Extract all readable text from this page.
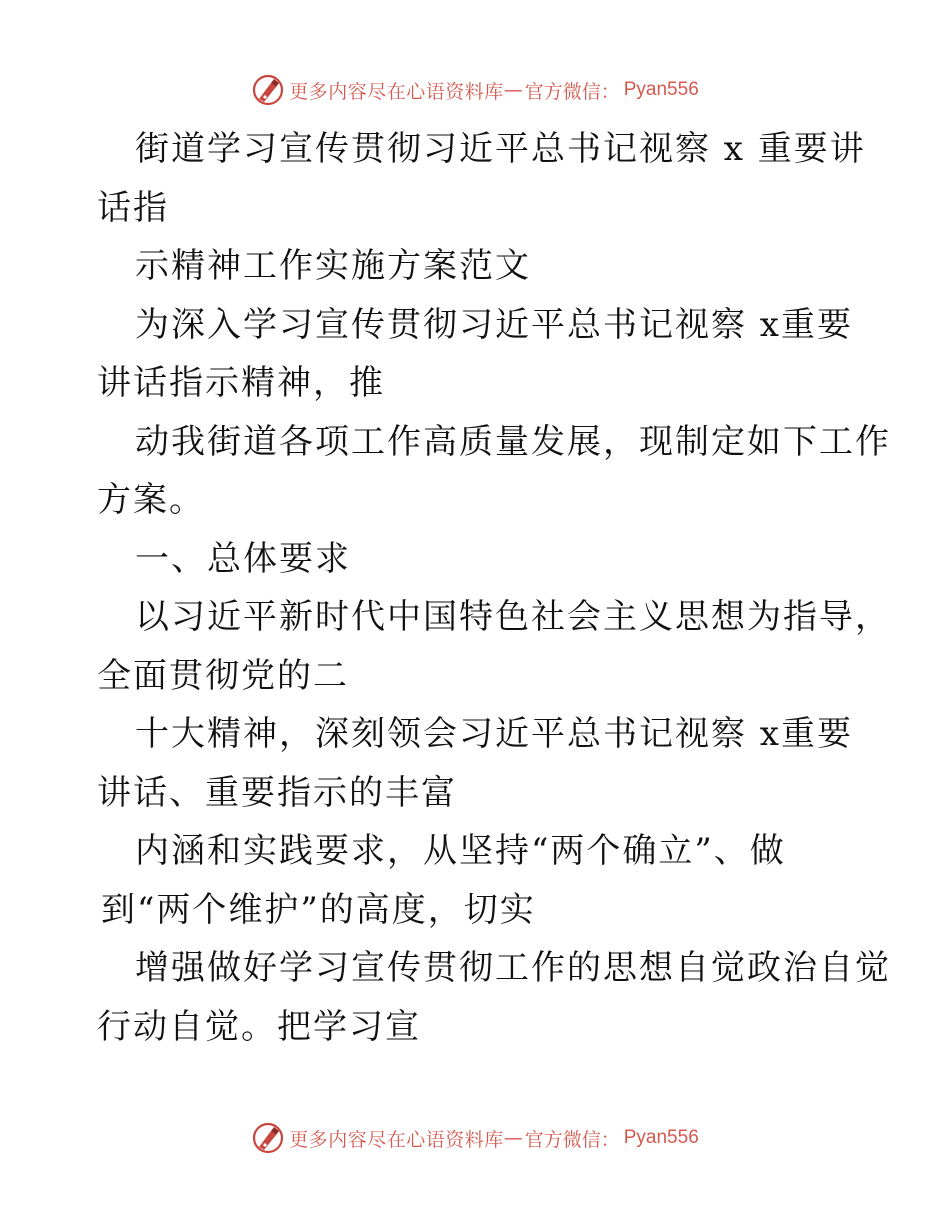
更多内容尽在心语资料库 — 官方微信： Pyan556
街道学习宣传贯彻习近平总书记视察 x 重要讲
话指
示精神工作实施方案范文
为深入学习宣传贯彻习近平总书记视察 x重要
讲话指示精神，推
动我街道各项工作高质量发展，现制定如下工作
方案。
一、总体要求
以习近平新时代中国特色社会主义思想为指导，
全面贯彻党的二
十大精神，深刻领会习近平总书记视察 x重要
讲话、重要指示的丰富
内涵和实践要求，从坚持“两个确立”、做
到“两个维护”的高度，切实
增强做好学习宣传贯彻工作的思想自觉政治自觉
行动自觉。把学习宣
更多内容尽在心语资料库 — 官方微信： Pyan556
